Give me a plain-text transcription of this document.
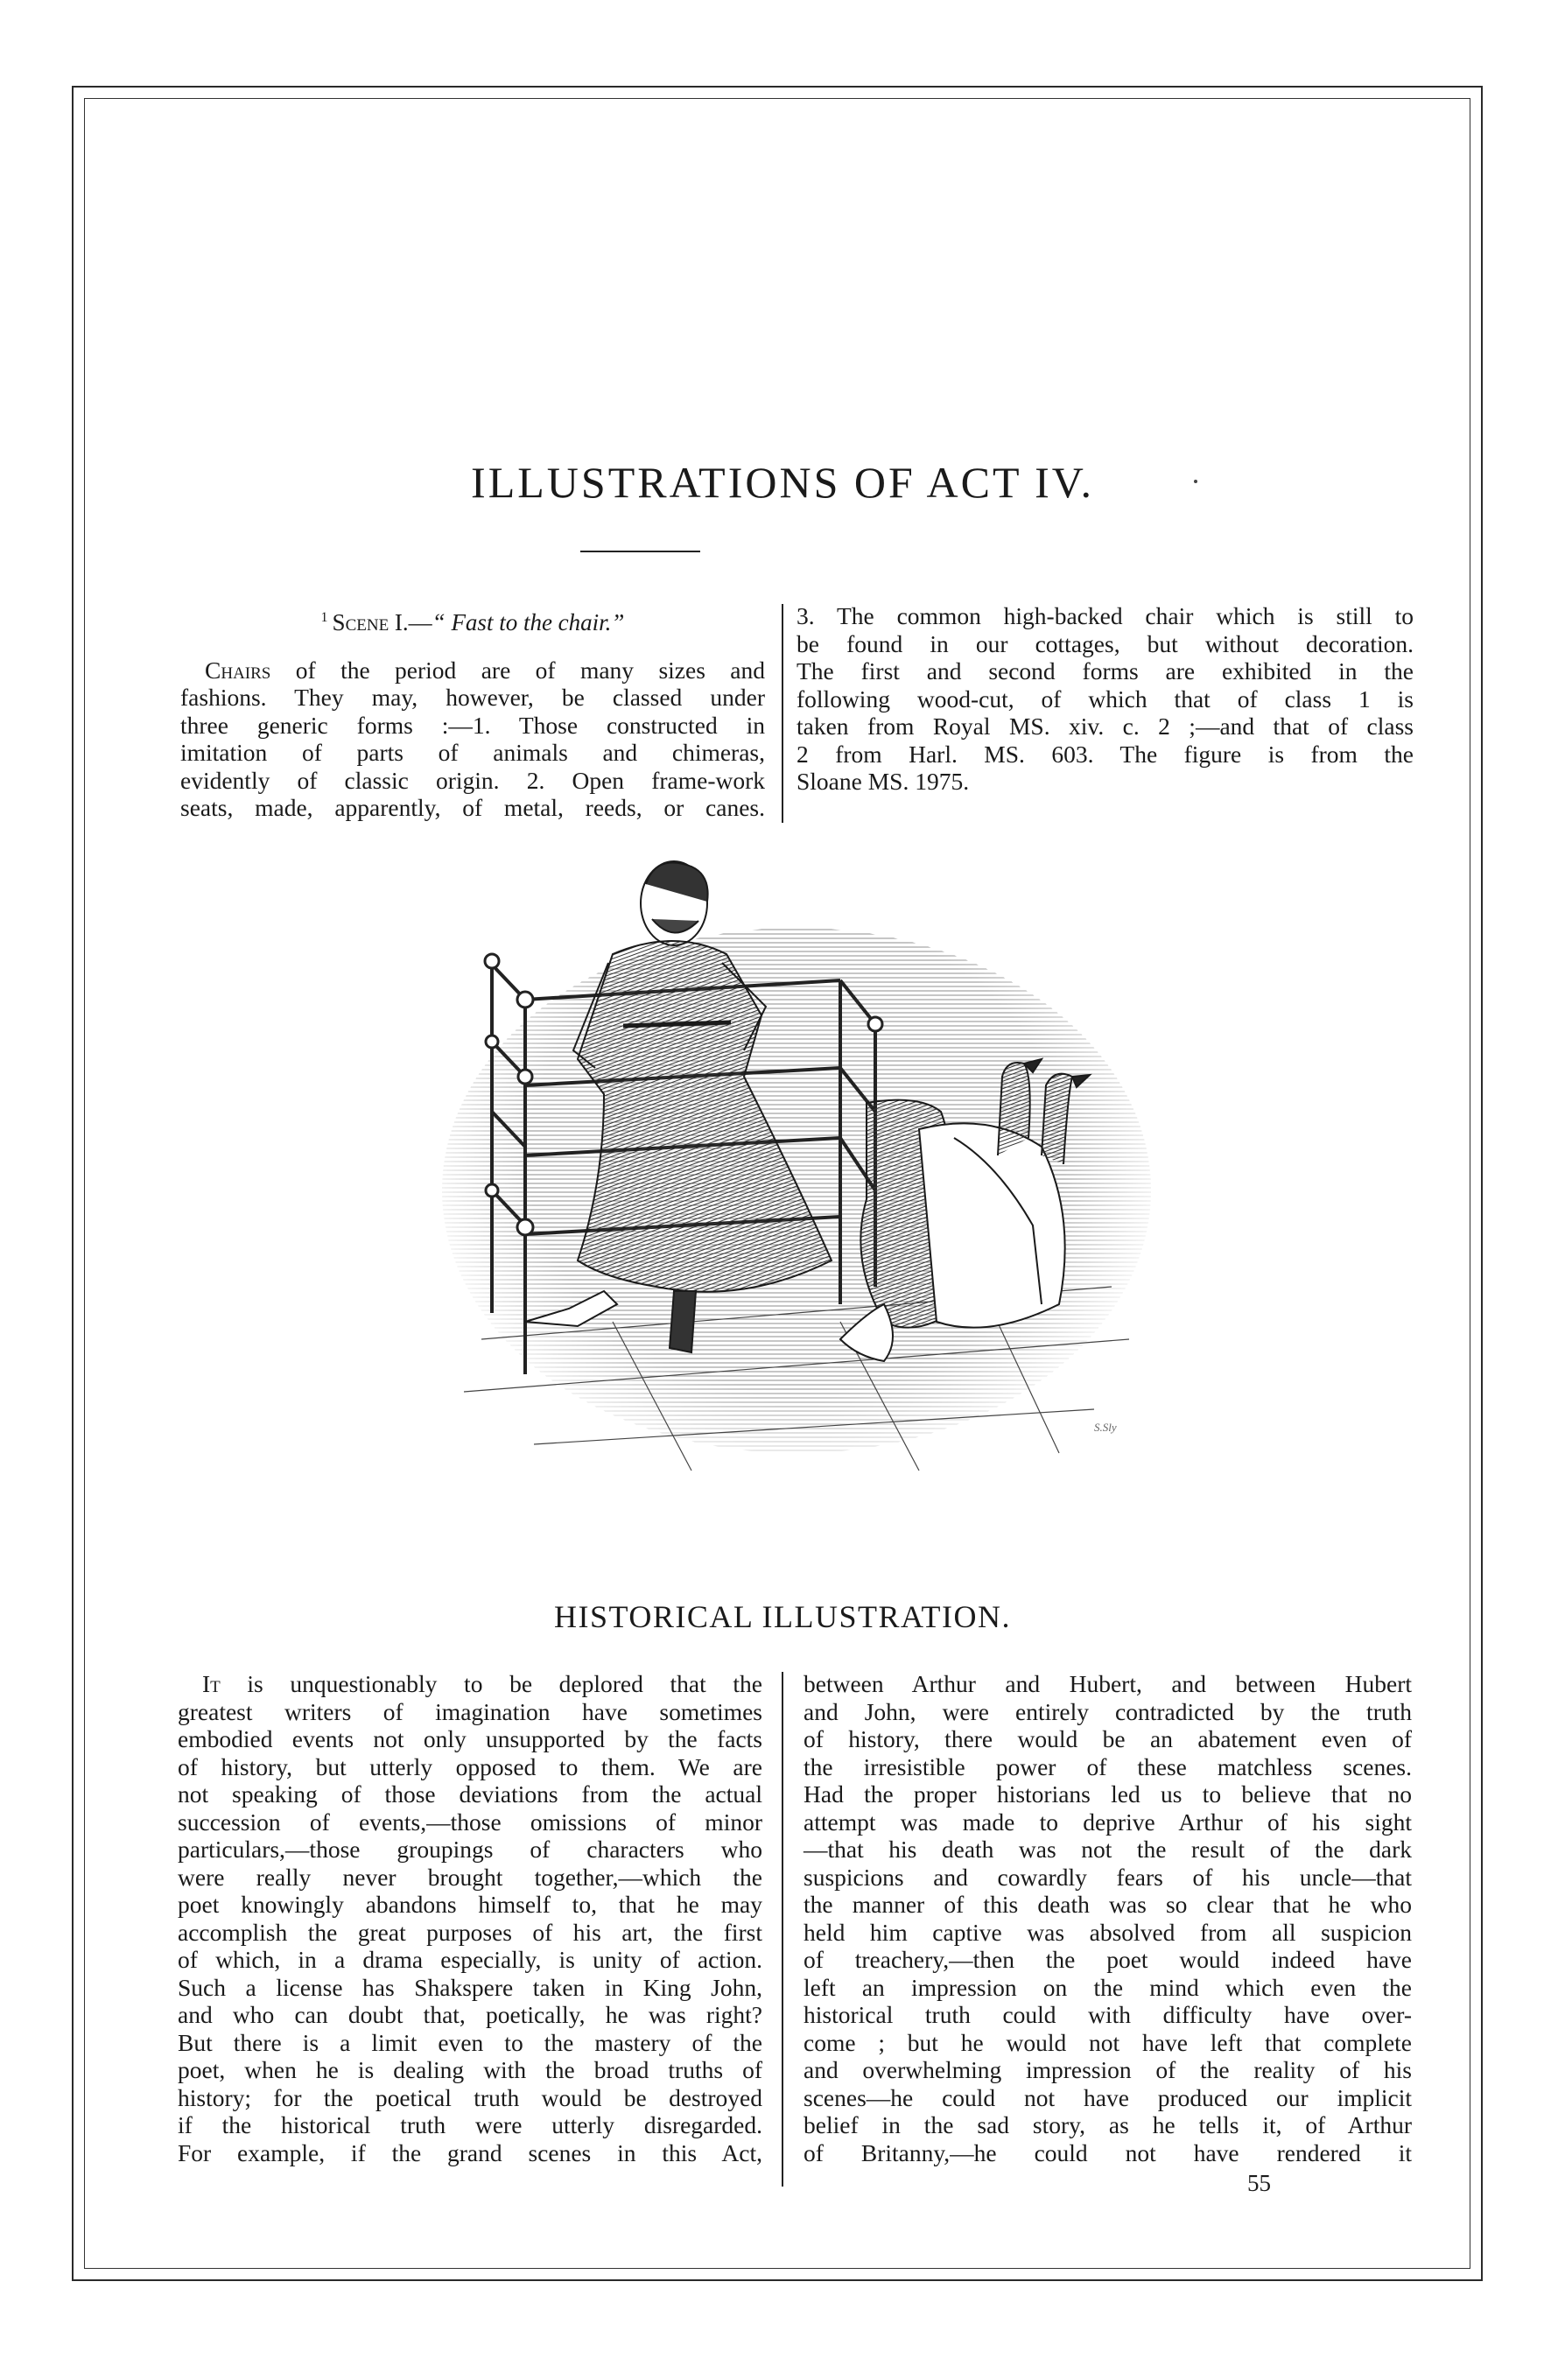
ILLUSTRATIONS OF ACT IV.

$^1$ Scene I.—“ Fast to the chair.”

Chairs of the period are of many sizes and

fashions. They may, however, be classed under

three generic forms :—1. Those constructed in

imitation of parts of animals and chimeras,

evidently of classic origin. 2. Open frame-work

seats, made, apparently, of metal, reeds, or canes.

3. The common high-backed chair which is still to

be found in our cottages, but without decoration.

The first and second forms are exhibited in the

following wood-cut, of which that of class 1 is

taken from Royal MS. xiv. c. 2 ;—and that of class

2 from Harl. MS. 603. The figure is from the

Sloane MS. 1975.

S.Sly
HISTORICAL ILLUSTRATION.

It is unquestionably to be deplored that the

greatest writers of imagination have sometimes

embodied events not only unsupported by the facts

of history, but utterly opposed to them. We are

not speaking of those deviations from the actual

succession of events,—those omissions of minor

particulars,—those groupings of characters who

were really never brought together,—which the

poet knowingly abandons himself to, that he may

accomplish the great purposes of his art, the first

of which, in a drama especially, is unity of action.

Such a license has Shakspere taken in King John,

and who can doubt that, poetically, he was right?

But there is a limit even to the mastery of the

poet, when he is dealing with the broad truths of

history; for the poetical truth would be destroyed

if the historical truth were utterly disregarded.

For example, if the grand scenes in this Act,

between Arthur and Hubert, and between Hubert

and John, were entirely contradicted by the truth

of history, there would be an abatement even of

the irresistible power of these matchless scenes.

Had the proper historians led us to believe that no

attempt was made to deprive Arthur of his sight

—that his death was not the result of the dark

suspicions and cowardly fears of his uncle—that

the manner of this death was so clear that he who

held him captive was absolved from all suspicion

of treachery,—then the poet would indeed have

left an impression on the mind which even the

historical truth could with difficulty have over-

come ; but he would not have left that complete

and overwhelming impression of the reality of his

scenes—he could not have produced our implicit

belief in the sad story, as he tells it, of Arthur

of Britanny,—he could not have rendered it

55
